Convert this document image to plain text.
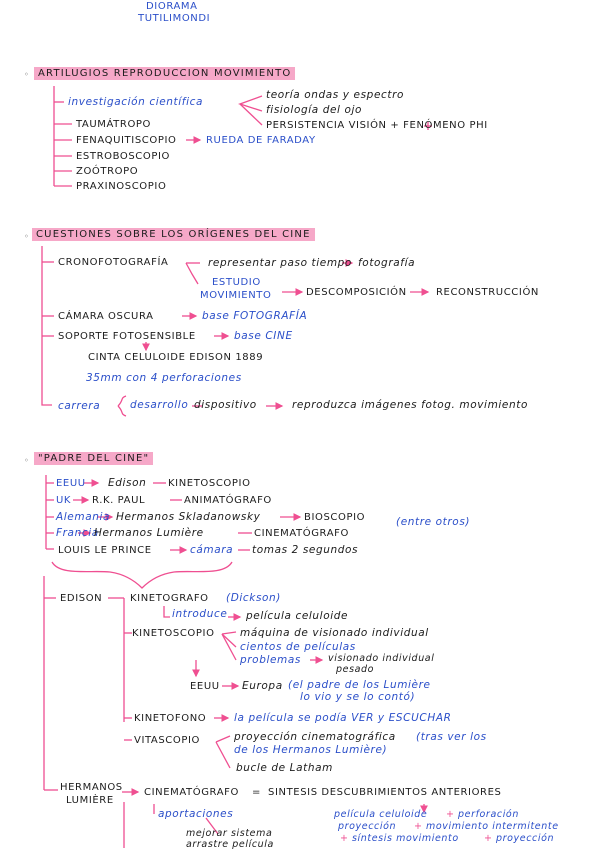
DIORAMA
TUTILIMONDI
◦ ARTILUGIOS REPRODUCCION MOVIMIENTO
investigación científica
teoría ondas y espectro
fisiología del ojo
PERSISTENCIA VISIÓN + FENÓMENO PHI
TAUMÁTROPO
FENAQUITISCOPIO	RUEDA DE FARADAY
ESTROBOSCOPIO
ZOÓTROPO
PRAXINOSCOPIO
◦ CUESTIONES SOBRE LOS ORÍGENES DEL CINE
CRONOFOTOGRAFÍA	representar paso tiempo fotografía
ESTUDIO
MOVIMIENTO	DESCOMPOSICIÓN	RECONSTRUCCIÓN
CÁMARA OSCURA	base FOTOGRAFÍA
SOPORTE FOTOSENSIBLE	base CINE
CINTA CELULOIDE EDISON 1889
35mm con 4 perforaciones
carrera	desarrollo dispositivo	reproduzca imágenes fotog. movimiento
◦ "PADRE DEL CINE"
EEUU Edison KINETOSCOPIO
UK R.K. PAUL	ANIMATÓGRAFO
Alemania Hermanos Skladanowsky	BIOSCOPIO	(entre otros)
Francia
Hermanos Lumière	CINEMATÓGRAFO
LOUIS LE PRINCE	cámara tomas 2 segundos
EDISON	KINETOGRAFO (Dickson)
introduce película celuloide
KINETOSCOPIO máquina de visionado individual
cientos de películas
problemas	visionado individual
pesado
EEUU Europa (el padre de los Lumière
lo vio y se lo contó)
KINETOFONO	la película se podía VER y ESCUCHAR
VITASCOPIO	proyección cinematográfica (tras ver los
de los Hermanos Lumière)
bucle de Latham
HERMANOS
LUMIÈRE
CINEMATÓGRAFO = SINTESIS DESCUBRIMIENTOS ANTERIORES
aportaciones
mejorar sistema
arrastre película
película celuloide + perforación
proyección + movimiento intermitente
+ síntesis movimiento	+ proyección
